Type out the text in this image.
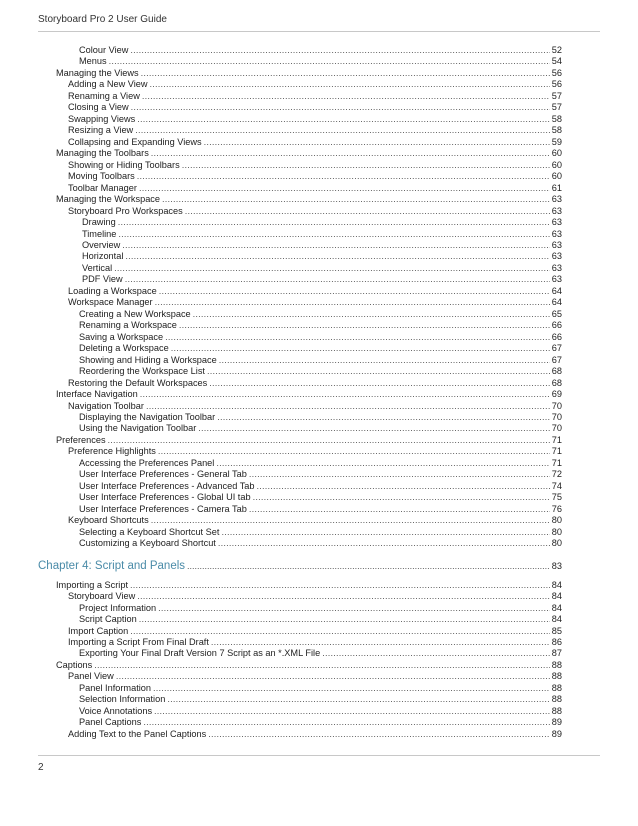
Storyboard Pro 2 User Guide
Colour View .....	52
Menus .....	54
Managing the Views .....	56
Adding a New View .....	56
Renaming a View .....	57
Closing a View .....	57
Swapping Views .....	58
Resizing a View .....	58
Collapsing and Expanding Views .....	59
Managing the Toolbars .....	60
Showing or Hiding Toolbars .....	60
Moving Toolbars .....	60
Toolbar Manager .....	61
Managing the Workspace .....	63
Storyboard Pro Workspaces .....	63
Drawing .....	63
Timeline .....	63
Overview .....	63
Horizontal .....	63
Vertical .....	63
PDF View .....	63
Loading a Workspace .....	64
Workspace Manager .....	64
Creating a New Workspace .....	65
Renaming a Workspace .....	66
Saving a Workspace .....	66
Deleting a Workspace .....	67
Showing and Hiding a Workspace .....	67
Reordering the Workspace List .....	68
Restoring the Default Workspaces .....	68
Interface Navigation .....	69
Navigation Toolbar .....	70
Displaying the Navigation Toolbar .....	70
Using the Navigation Toolbar .....	70
Preferences .....	71
Preference Highlights .....	71
Accessing the Preferences Panel .....	71
User Interface Preferences - General Tab .....	72
User Interface Preferences - Advanced Tab .....	74
User Interface Preferences - Global UI tab .....	75
User Interface Preferences - Camera Tab .....	76
Keyboard Shortcuts .....	80
Selecting a Keyboard Shortcut Set .....	80
Customizing a Keyboard Shortcut .....	80
Chapter 4: Script and Panels .....	83
Importing a Script .....	84
Storyboard View .....	84
Project Information .....	84
Script Caption .....	84
Import Caption .....	85
Importing a Script From Final Draft .....	86
Exporting Your Final Draft Version 7 Script as an *.XML File .....	87
Captions .....	88
Panel View .....	88
Panel Information .....	88
Selection Information .....	88
Voice Annotations .....	88
Panel Captions .....	89
Adding Text to the Panel Captions .....	89
2
